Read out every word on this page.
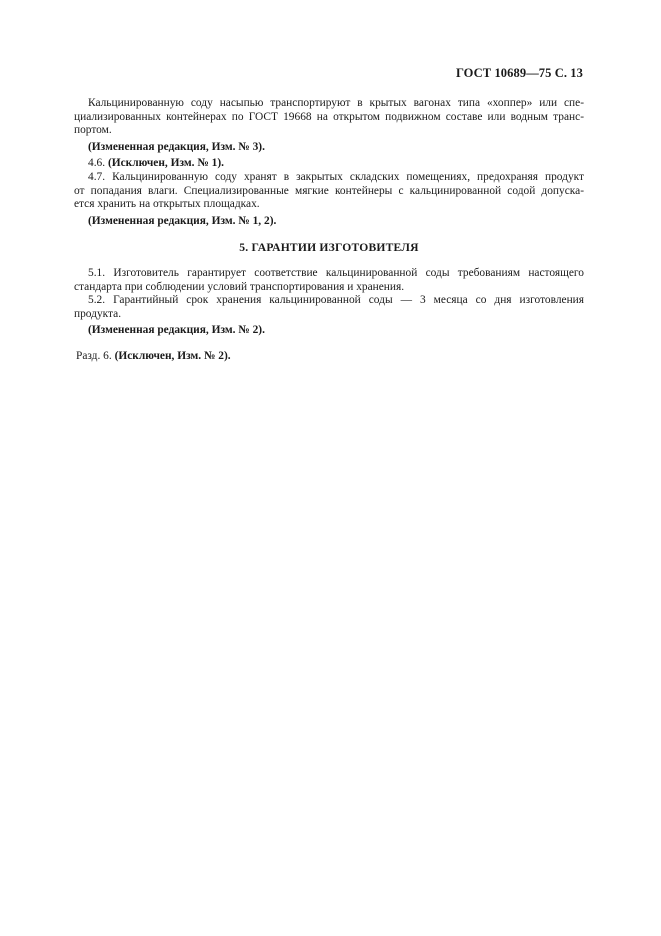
ГОСТ 10689—75 С. 13
Кальцинированную соду насыпью транспортируют в крытых вагонах типа «хоппер» или спе-
циализированных контейнерах по ГОСТ 19668 на открытом подвижном составе или водным транс-
портом.
(Измененная редакция, Изм. № 3).
4.6. (Исключен, Изм. № 1).
4.7. Кальцинированную соду хранят в закрытых складских помещениях, предохраняя продукт
от попадания влаги. Специализированные мягкие контейнеры с кальцинированной содой допуска-
ется хранить на открытых площадках.
(Измененная редакция, Изм. № 1, 2).
5. ГАРАНТИИ ИЗГОТОВИТЕЛЯ
5.1. Изготовитель гарантирует соответствие кальцинированной соды требованиям настоящего
стандарта при соблюдении условий транспортирования и хранения.
5.2. Гарантийный срок хранения кальцинированной соды — 3 месяца со дня изготовления
продукта.
(Измененная редакция, Изм. № 2).
Разд. 6. (Исключен, Изм. № 2).
